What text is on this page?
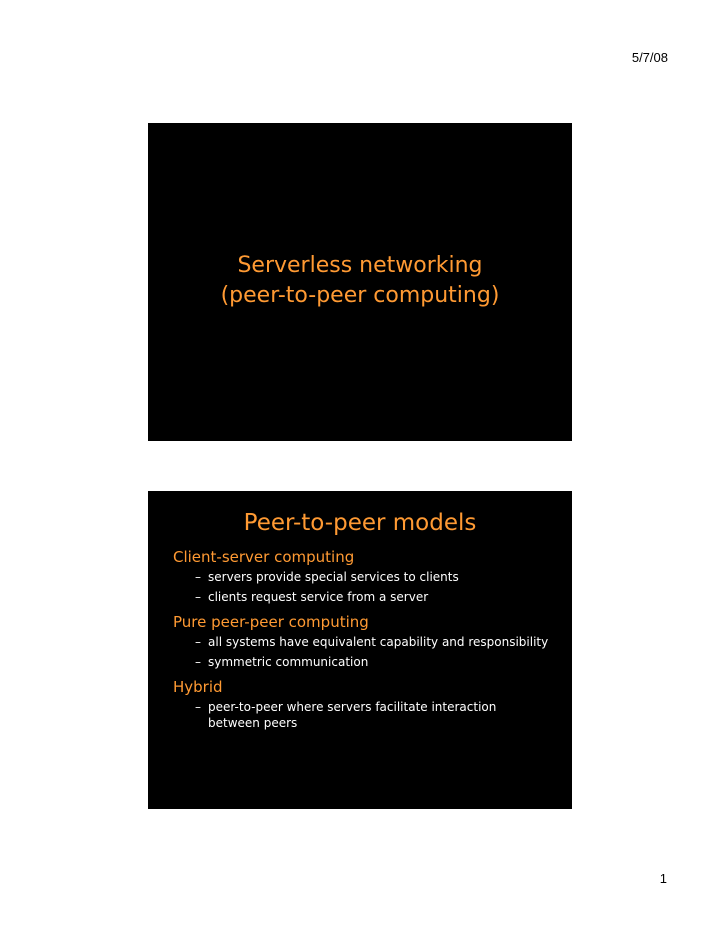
5/7/08
Serverless networking
(peer-to-peer computing)
Peer-to-peer models
Client-server computing
– servers provide special services to clients
– clients request service from a server
Pure peer-peer computing
– all systems have equivalent capability and responsibility
– symmetric communication
Hybrid
– peer-to-peer where servers facilitate interaction between peers
1
